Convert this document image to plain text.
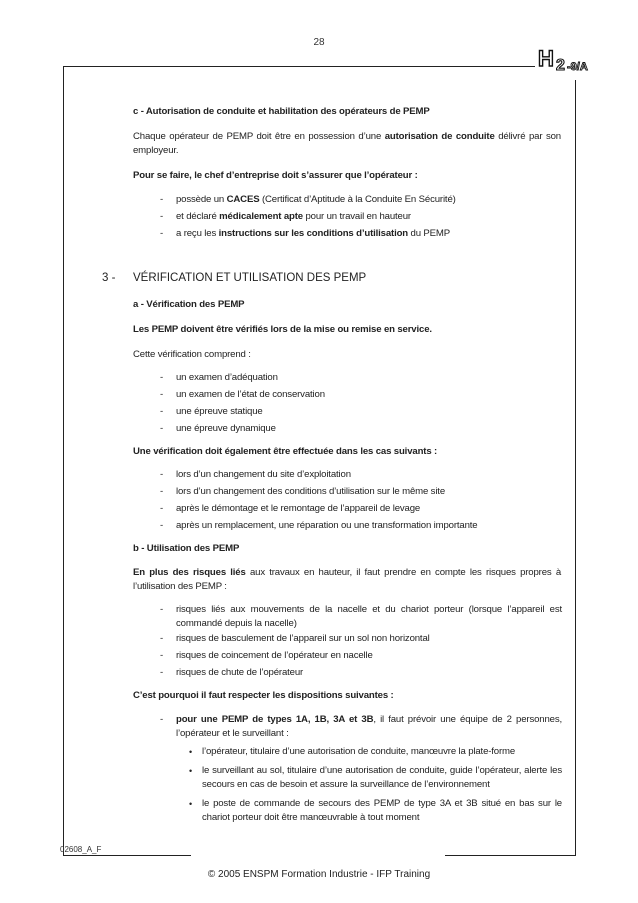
28
H 2 -9/A
c - Autorisation de conduite et habilitation des opérateurs de PEMP
Chaque opérateur de PEMP doit être en possession d’une autorisation de conduite délivré par son employeur.
Pour se faire, le chef d’entreprise doit s’assurer que l’opérateur :
- possède un CACES (Certificat d’Aptitude à la Conduite En Sécurité)
- et déclaré médicalement apte pour un travail en hauteur
- a reçu les instructions sur les conditions d’utilisation du PEMP
3 - VÉRIFICATION ET UTILISATION DES PEMP
a - Vérification des PEMP
Les PEMP doivent être vérifiés lors de la mise ou remise en service.
Cette vérification comprend :
- un examen d’adéquation
- un examen de l’état de conservation
- une épreuve statique
- une épreuve dynamique
Une vérification doit également être effectuée dans les cas suivants :
- lors d’un changement du site d’exploitation
- lors d’un changement des conditions d’utilisation sur le même site
- après le démontage et le remontage de l’appareil de levage
- après un remplacement, une réparation ou une transformation importante
b - Utilisation des PEMP
En plus des risques liés aux travaux en hauteur, il faut prendre en compte les risques propres à l’utilisation des PEMP :
- risques liés aux mouvements de la nacelle et du chariot porteur (lorsque l’appareil est commandé depuis la nacelle)
- risques de basculement de l’appareil sur un sol non horizontal
- risques de coincement de l’opérateur en nacelle
- risques de chute de l’opérateur
C’est pourquoi il faut respecter les dispositions suivantes :
- pour une PEMP de types 1A, 1B, 3A et 3B, il faut prévoir une équipe de 2 personnes, l’opérateur et le surveillant :
• l’opérateur, titulaire d’une autorisation de conduite, manœuvre la plate-forme
• le surveillant au sol, titulaire d’une autorisation de conduite, guide l’opérateur, alerte les secours en cas de besoin et assure la surveillance de l’environnement
• le poste de commande de secours des PEMP de type 3A et 3B situé en bas sur le chariot porteur doit être manœuvrable à tout moment
02608_A_F
© 2005 ENSPM Formation Industrie - IFP Training
